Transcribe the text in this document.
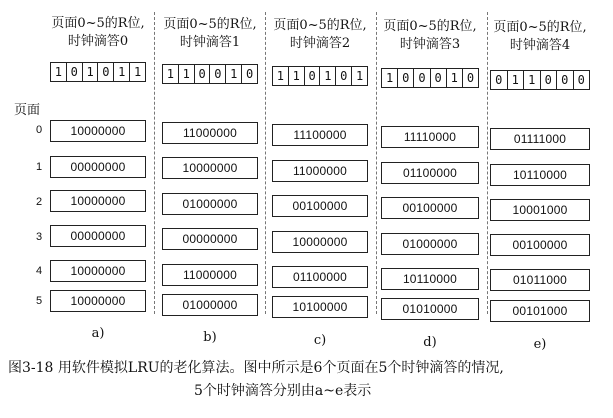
页面
0
1
2
3
4
5
页面0~5的R位,
时钟滴答0
1 0 1 0 1 1
10000000
00000000
10000000
00000000
10000000
10000000
a)
页面0~5的R位,
时钟滴答1
1 1 0 0 1 0
11000000
10000000
01000000
00000000
11000000
01000000
b)
页面0~5的R位,
时钟滴答2
1 1 0 1 0 1
11100000
11000000
00100000
10000000
01100000
10100000
c)
页面0~5的R位,
时钟滴答3
1 0 0 0 1 0
11110000
01100000
00100000
01000000
10110000
01010000
d)
页面0~5的R位,
时钟滴答4
0 1 1 0 0 0
01111000
10110000
10001000
00100000
01011000
00101000
e)
图3-18 用软件模拟LRU的老化算法。图中所示是6个页面在5个时钟滴答的情况,
5个时钟滴答分别由a~e表示
